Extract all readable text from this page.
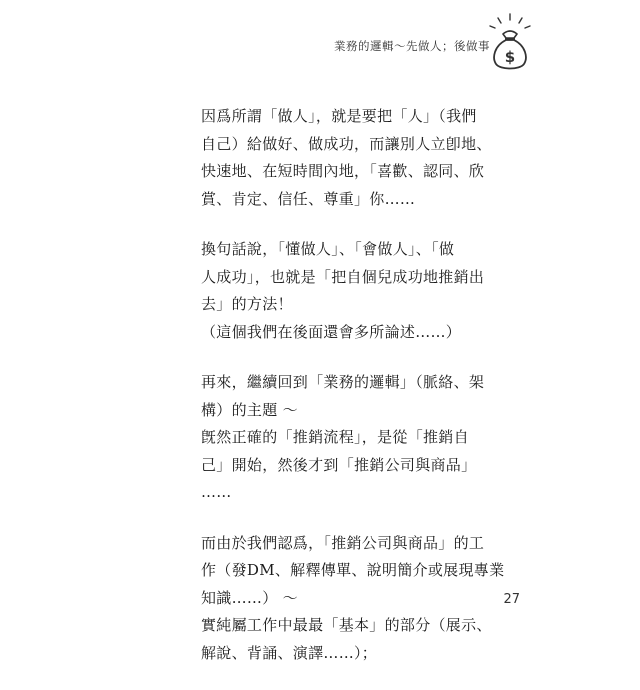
業務的邏輯～先做人；後做事
$
因爲所謂「做人」，就是要把「人」（我們
自己）給做好、做成功，而讓別人立卽地、
快速地、在短時間內地，「喜歡、認同、欣
賞、肯定、信任、尊重」你……
換句話說，「懂做人」、「會做人」、「做
人成功」，也就是「把自個兒成功地推銷出
去」的方法！
（這個我們在後面還會多所論述……）
再來，繼續回到「業務的邏輯」（脈絡、架
構）的主題 ～
旣然正確的「推銷流程」，是從「推銷自
己」開始，然後才到「推銷公司與商品」
……
而由於我們認爲，「推銷公司與商品」的工
作（發DM、解釋傳單、說明簡介或展現專業
知識……） ～
實純屬工作中最最「基本」的部分（展示、
解說、背誦、演譯……）；
27
